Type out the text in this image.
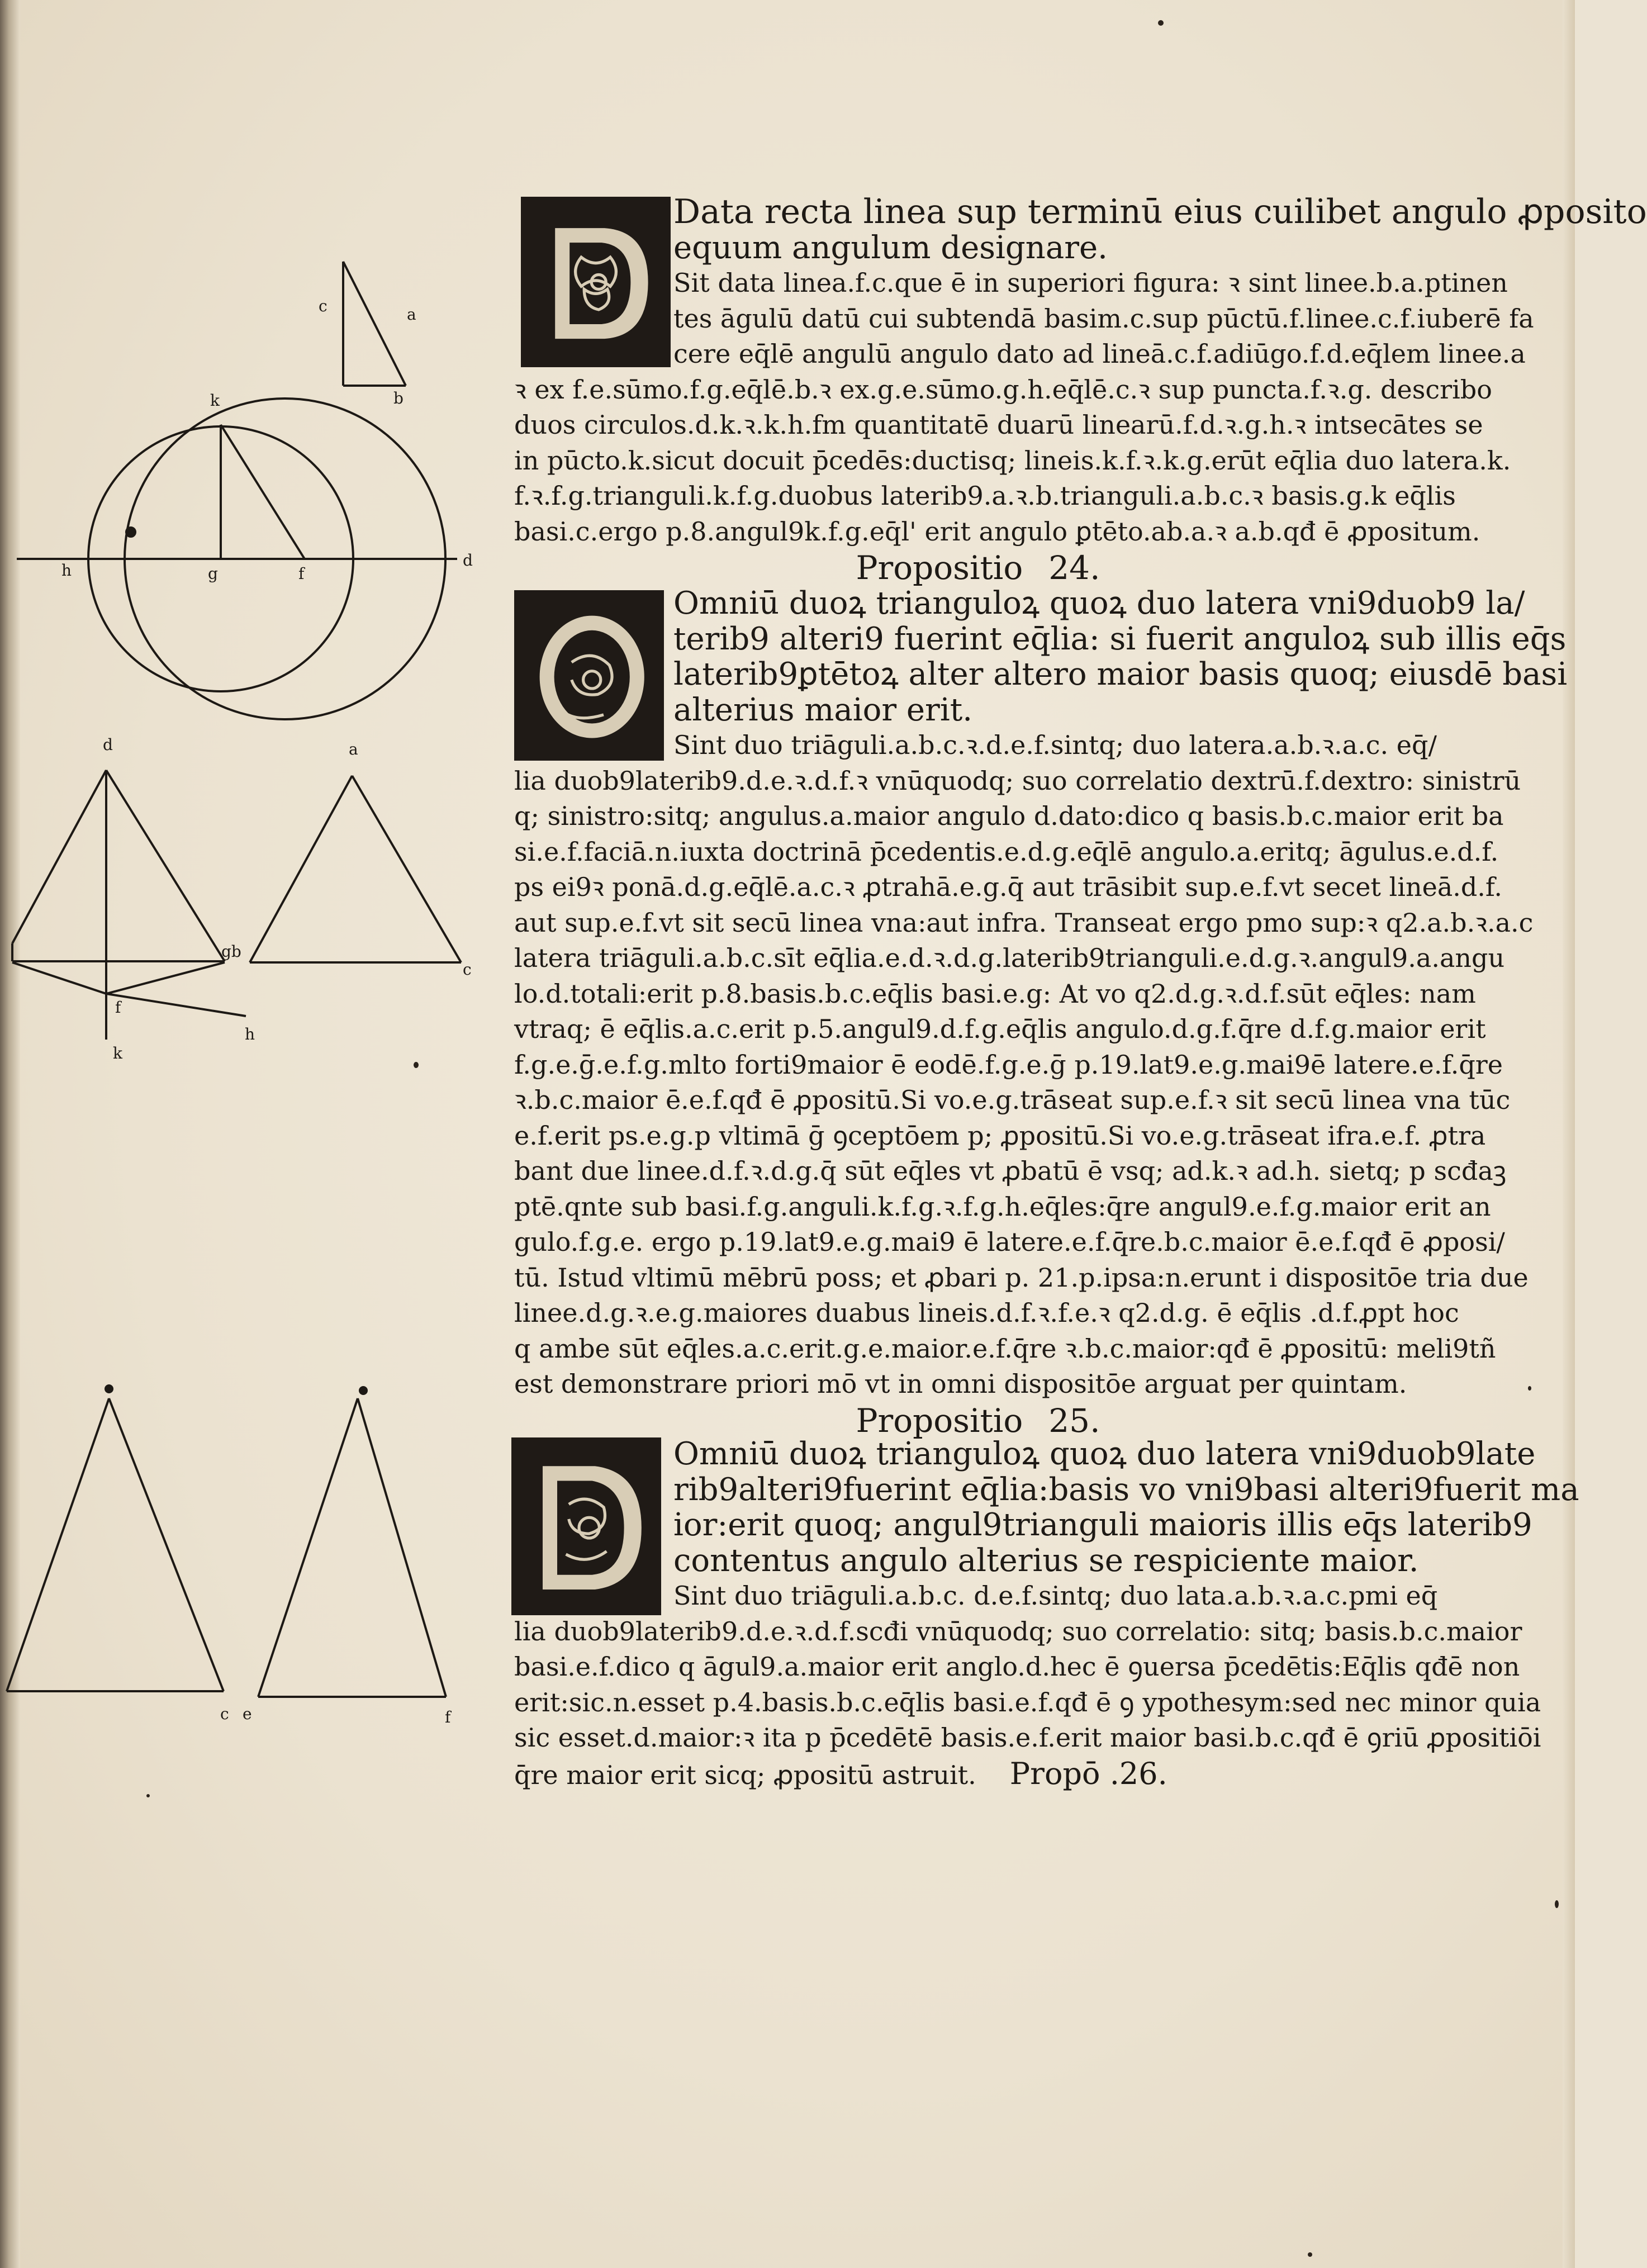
c	a
b
k
h	g	f
d
d
gb
f
k
h
a
c
c e	f
Data recta linea sup terminū eius cuilibet angulo ꝓposito
equum angulum designare.
Sit data linea.f.c.que ē in superiori figura: ꝛ sint linee.b.a.ptinen
tes āgulū datū cui subtendā basim.c.sup pūctū.f.linee.c.f.iuberē fa
cere eq̄lē angulū angulo dato ad lineā.c.f.adiūgo.f.d.eq̄lem linee.a
ꝛ ex f.e.sūmo.f.g.eq̄lē.b.ꝛ ex.g.e.sūmo.g.h.eq̄lē.c.ꝛ sup puncta.f.ꝛ.g. describo
duos circulos.d.k.ꝛ.k.h.fm quantitatē duarū linearū.f.d.ꝛ.g.h.ꝛ intsecātes se
in pūcto.k.sicut docuit p̄cedēs:ductisq; lineis.k.f.ꝛ.k.g.erūt eq̄lia duo latera.k.
f.ꝛ.f.g.trianguli.k.f.g.duobus laterib9.a.ꝛ.b.trianguli.a.b.c.ꝛ basis.g.k eq̄lis
basi.c.ergo p.8.angul9k.f.g.eq̄l' erit angulo ꝑtēto.ab.a.ꝛ a.b.qđ ē ꝓpositum.
Propositio 24.
Omniū duoꝝ trianguloꝝ quoꝝ duo latera vni9duob9 la/
terib9 alteri9 fuerint eq̄lia: si fuerit anguloꝝ sub illis eq̄s
laterib9ꝑtētoꝝ alter altero maior basis quoq; eiusdē basi
alterius maior erit.
Sint duo triāguli.a.b.c.ꝛ.d.e.f.sintq; duo latera.a.b.ꝛ.a.c. eq̄/
lia duob9laterib9.d.e.ꝛ.d.f.ꝛ vnūquodq; suo correlatio dextrū.f.dextro: sinistrū
q; sinistro:sitq; angulus.a.maior angulo d.dato:dico q basis.b.c.maior erit ba
si.e.f.faciā.n.iuxta doctrinā p̄cedentis.e.d.g.eq̄lē angulo.a.eritq; āgulus.e.d.f.
ps ei9ꝛ ponā.d.g.eq̄lē.a.c.ꝛ ꝓtrahā.e.g.q̄ aut trāsibit sup.e.f.vt secet lineā.d.f.
aut sup.e.f.vt sit secū linea vna:aut infra. Transeat ergo pmo sup:ꝛ q2.a.b.ꝛ.a.c
latera triāguli.a.b.c.sīt eq̄lia.e.d.ꝛ.d.g.laterib9trianguli.e.d.g.ꝛ.angul9.a.angu
lo.d.totali:erit p.8.basis.b.c.eq̄lis basi.e.g: At vo q2.d.g.ꝛ.d.f.sūt eq̄les: nam
vtraq; ē eq̄lis.a.c.erit p.5.angul9.d.f.g.eq̄lis angulo.d.g.f.q̄re d.f.g.maior erit
f.g.e.ḡ.e.f.g.mlto forti9maior ē eodē.f.g.e.ḡ p.19.lat9.e.g.mai9ē latere.e.f.q̄re
ꝛ.b.c.maior ē.e.f.qđ ē ꝓpositū.Si vo.e.g.trāseat sup.e.f.ꝛ sit secū linea vna tūc
e.f.erit ps.e.g.p vltimā ḡ ꝯceptōem p; ꝓpositū.Si vo.e.g.trāseat ifra.e.f. ꝓtra
bant due linee.d.f.ꝛ.d.g.q̄ sūt eq̄les vt ꝓbatū ē vsq; ad.k.ꝛ ad.h. sietq; p scđaꝫ
ptē.qnte sub basi.f.g.anguli.k.f.g.ꝛ.f.g.h.eq̄les:q̄re angul9.e.f.g.maior erit an
gulo.f.g.e. ergo p.19.lat9.e.g.mai9 ē latere.e.f.q̄re.b.c.maior ē.e.f.qđ ē ꝓposi/
tū. Istud vltimū mēbrū poss; et ꝓbari p. 21.p.ipsa:n.erunt i dispositōe tria due
linee.d.g.ꝛ.e.g.maiores duabus lineis.d.f.ꝛ.f.e.ꝛ q2.d.g. ē eq̄lis .d.f.ꝓpt hoc
q ambe sūt eq̄les.a.c.erit.g.e.maior.e.f.q̄re ꝛ.b.c.maior:qđ ē ꝓpositū: meli9tñ
est demonstrare priori mō vt in omni dispositōe arguat per quintam.
Propositio 25.
Omniū duoꝝ trianguloꝝ quoꝝ duo latera vni9duob9late
rib9alteri9fuerint eq̄lia:basis vo vni9basi alteri9fuerit ma
ior:erit quoq; angul9trianguli maioris illis eq̄s laterib9
contentus angulo alterius se respiciente maior.
Sint duo triāguli.a.b.c. d.e.f.sintq; duo lata.a.b.ꝛ.a.c.pmi eq̄
lia duob9laterib9.d.e.ꝛ.d.f.scđi vnūquodq; suo correlatio: sitq; basis.b.c.maior
basi.e.f.dico q āgul9.a.maior erit anglo.d.hec ē ꝯuersa p̄cedētis:Eq̄lis qđē non
erit:sic.n.esset p.4.basis.b.c.eq̄lis basi.e.f.qđ ē ꝯ ypothesym:sed nec minor quia
sic esset.d.maior:ꝛ ita p p̄cedētē basis.e.f.erit maior basi.b.c.qđ ē ꝯriū ꝓpositiōi
q̄re maior erit sicq; ꝓpositū astruit. Propō .26.
